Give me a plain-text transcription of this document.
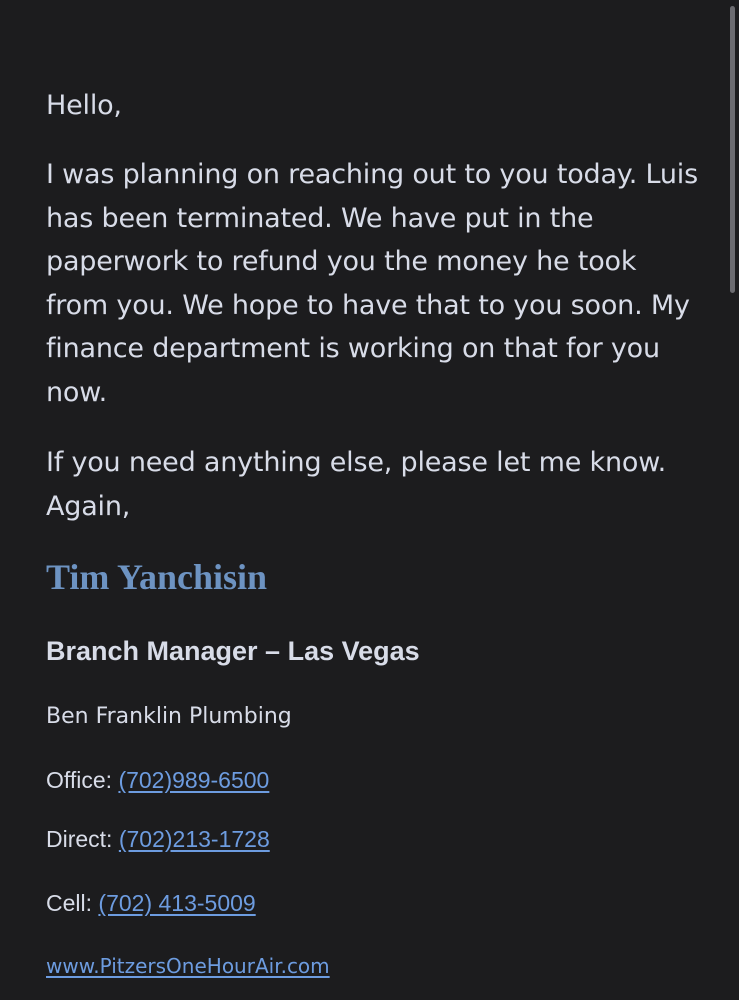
Hello,

I was planning on reaching out to you today. Luis has been terminated. We have put in the paperwork to refund you the money he took from you. We hope to have that to you soon. My finance department is working on that for you now.

If you need anything else, please let me know. Again,

Tim Yanchisin

Branch Manager – Las Vegas

Ben Franklin Plumbing

Office: (702)989-6500

Direct: (702)213-1728

Cell: (702) 413-5009

www.PitzersOneHourAir.com
